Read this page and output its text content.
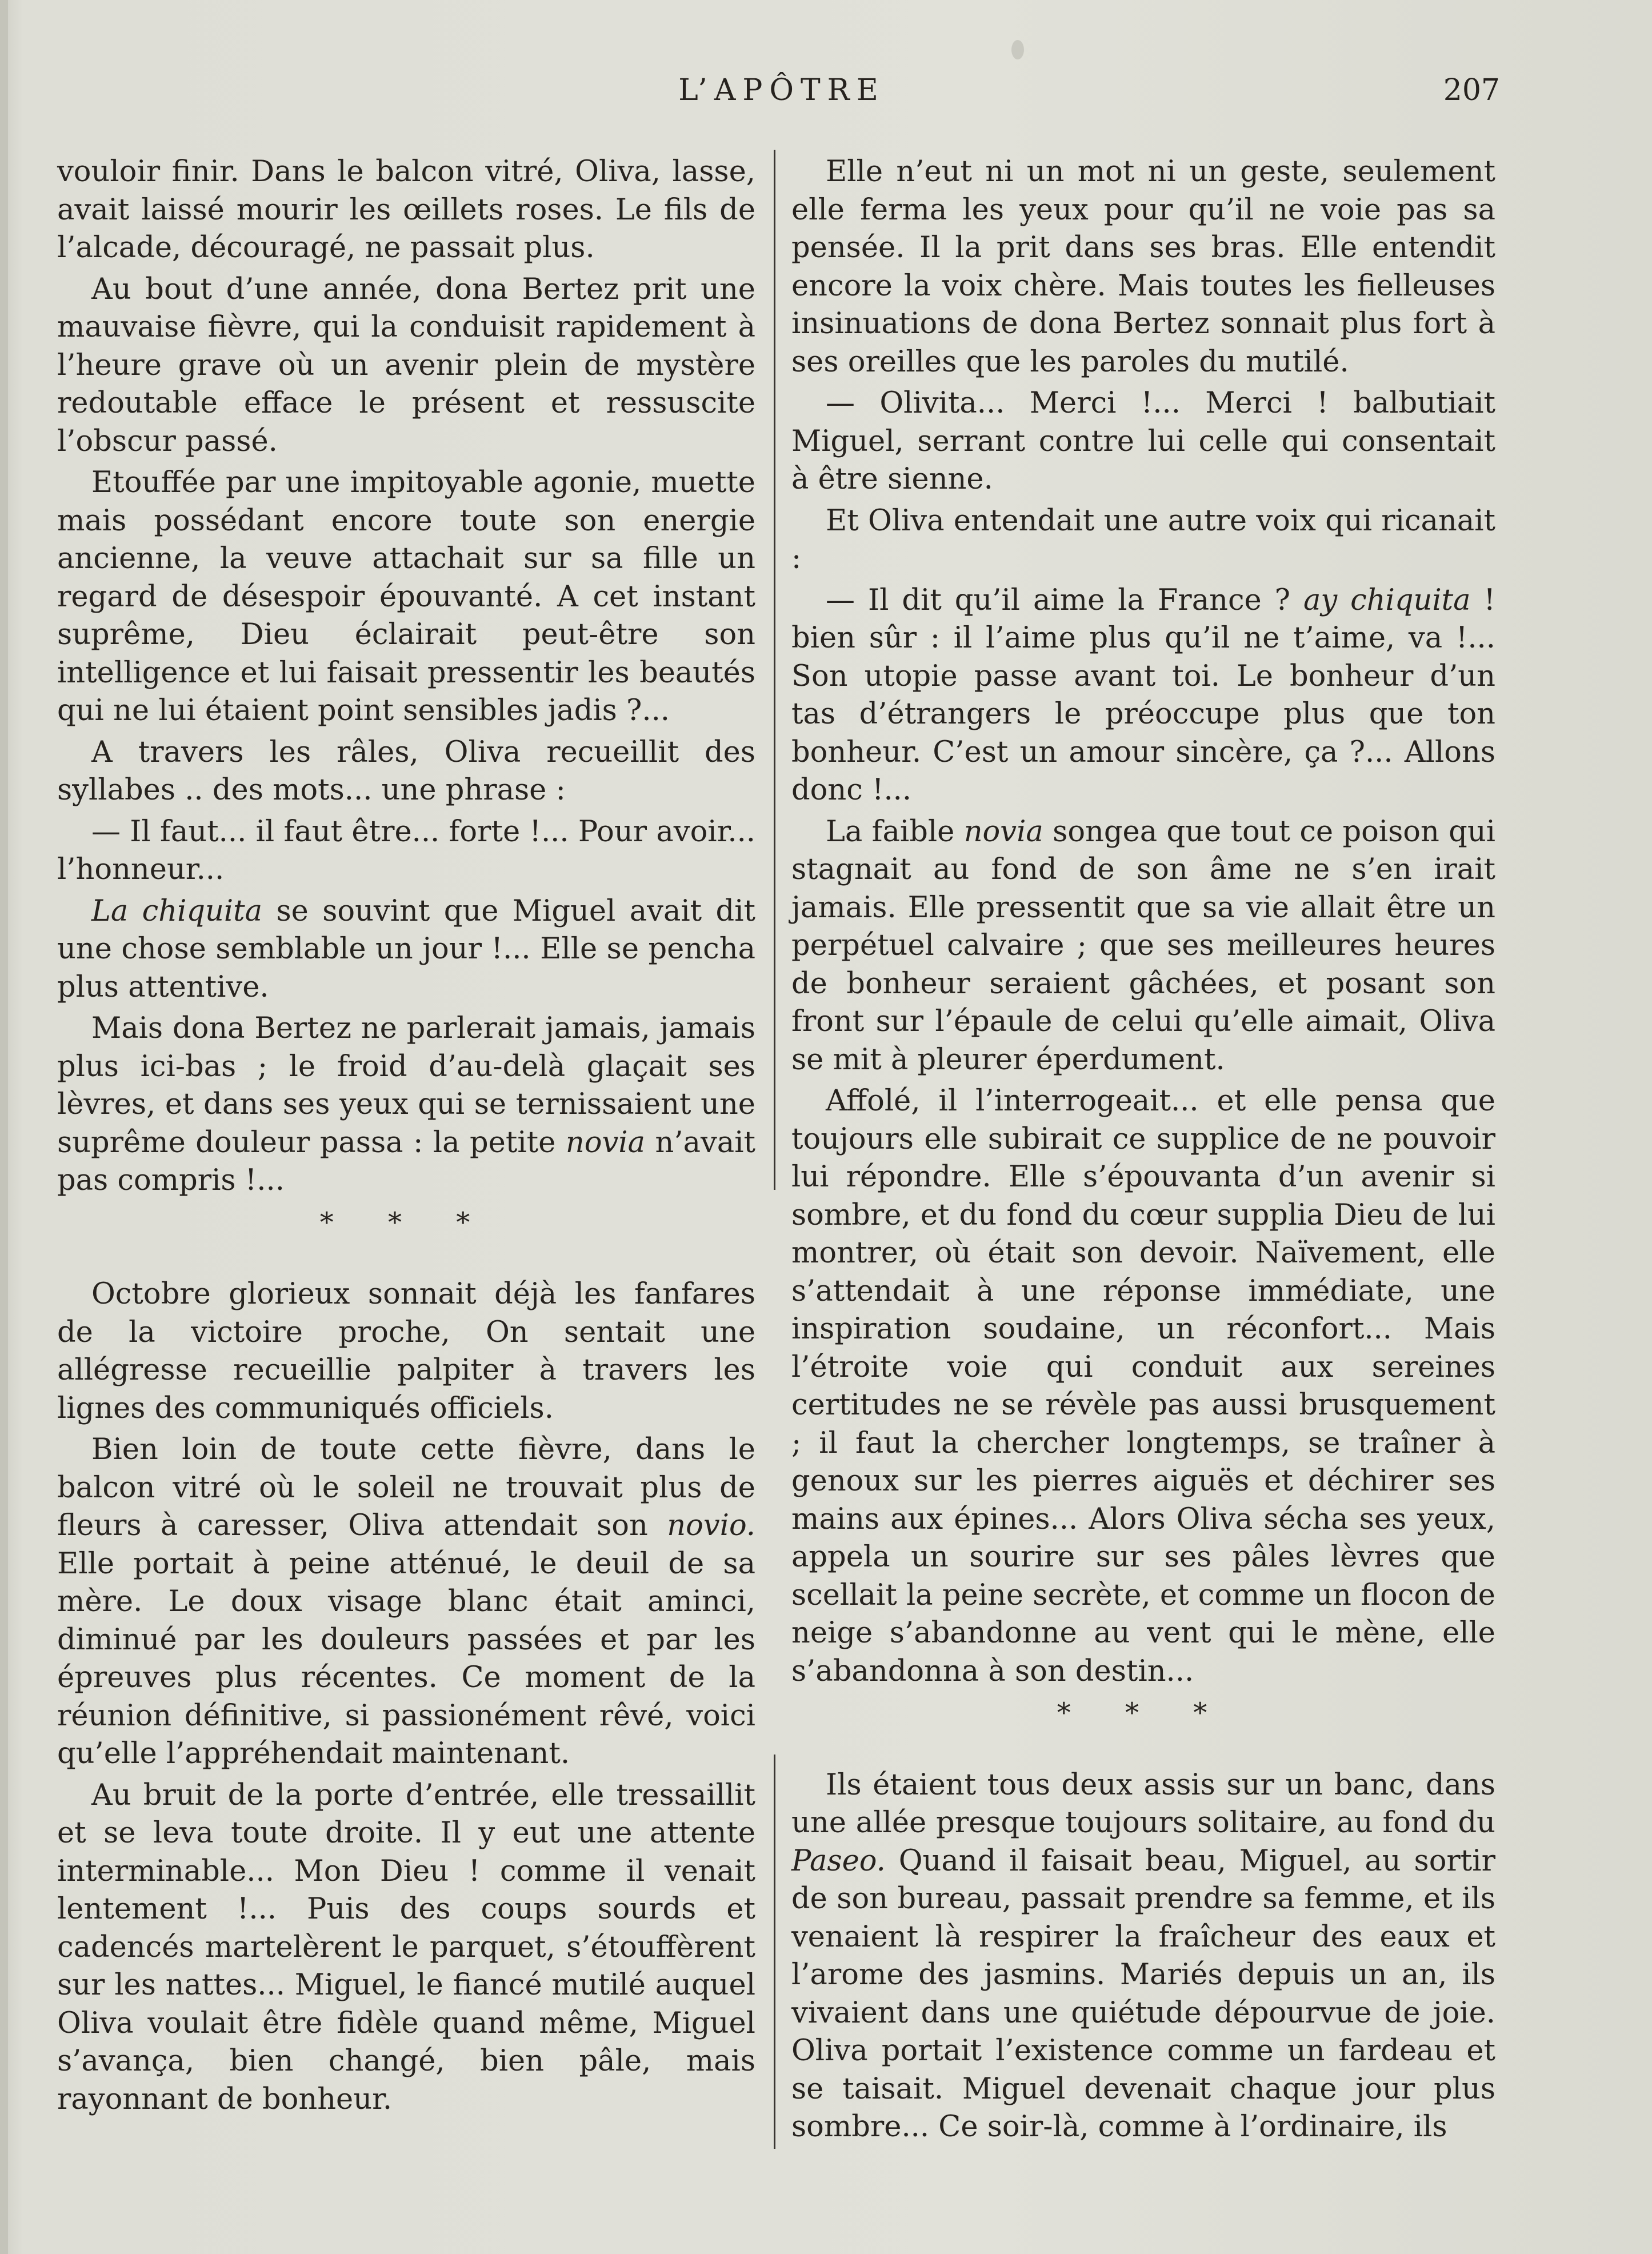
L’APÔTRE	207

vouloir finir. Dans le balcon vitré, Oliva, lasse, avait laissé mourir les œillets roses. Le fils de l’alcade, découragé, ne passait plus.

Au bout d’une année, dona Bertez prit une mauvaise fièvre, qui la conduisit rapidement à l’heure grave où un avenir plein de mystère redoutable efface le présent et ressuscite l’obscur passé.

Etouffée par une impitoyable agonie, muette mais possédant encore toute son energie ancienne, la veuve attachait sur sa fille un regard de désespoir épouvanté. A cet instant suprême, Dieu éclairait peut-être son intelligence et lui faisait pressentir les beautés qui ne lui étaient point sensibles jadis ?...

A travers les râles, Oliva recueillit des syllabes .. des mots... une phrase :

— Il faut... il faut être... forte !... Pour avoir... l’honneur...

La chiquita se souvint que Miguel avait dit une chose semblable un jour !... Elle se pencha plus attentive.

Mais dona Bertez ne parlerait jamais, jamais plus ici-bas ; le froid d’au-delà glaçait ses lèvres, et dans ses yeux qui se ternissaient une suprême douleur passa : la petite novia n’avait pas compris !...

* * *

Octobre glorieux sonnait déjà les fanfares de la victoire proche, On sentait une allégresse recueillie palpiter à travers les lignes des communiqués officiels.

Bien loin de toute cette fièvre, dans le balcon vitré où le soleil ne trouvait plus de fleurs à caresser, Oliva attendait son novio. Elle portait à peine atténué, le deuil de sa mère. Le doux visage blanc était aminci, diminué par les douleurs passées et par les épreuves plus récentes. Ce moment de la réunion définitive, si passionément rêvé, voici qu’elle l’appréhendait maintenant.

Au bruit de la porte d’entrée, elle tressaillit et se leva toute droite. Il y eut une attente interminable... Mon Dieu ! comme il venait lentement !... Puis des coups sourds et cadencés martelèrent le parquet, s’étouffèrent sur les nattes... Miguel, le fiancé mutilé auquel Oliva voulait être fidèle quand même, Miguel s’avança, bien changé, bien pâle, mais rayonnant de bonheur.

Elle n’eut ni un mot ni un geste, seulement elle ferma les yeux pour qu’il ne voie pas sa pensée. Il la prit dans ses bras. Elle entendit encore la voix chère. Mais toutes les fielleuses insinuations de dona Bertez sonnait plus fort à ses oreilles que les paroles du mutilé.

— Olivita... Merci !... Merci ! balbutiait Miguel, serrant contre lui celle qui consentait à être sienne.

Et Oliva entendait une autre voix qui ricanait :

— Il dit qu’il aime la France ? ay chiquita ! bien sûr : il l’aime plus qu’il ne t’aime, va !... Son utopie passe avant toi. Le bonheur d’un tas d’étrangers le préoccupe plus que ton bonheur. C’est un amour sincère, ça ?... Allons donc !...

La faible novia songea que tout ce poison qui stagnait au fond de son âme ne s’en irait jamais. Elle pressentit que sa vie allait être un perpétuel calvaire ; que ses meilleures heures de bonheur seraient gâchées, et posant son front sur l’épaule de celui qu’elle aimait, Oliva se mit à pleurer éperdument.

Affolé, il l’interrogeait... et elle pensa que toujours elle subirait ce supplice de ne pouvoir lui répondre. Elle s’épouvanta d’un avenir si sombre, et du fond du cœur supplia Dieu de lui montrer, où était son devoir. Naïvement, elle s’attendait à une réponse immédiate, une inspiration soudaine, un réconfort... Mais l’étroite voie qui conduit aux sereines certitudes ne se révèle pas aussi brusquement ; il faut la chercher longtemps, se traîner à genoux sur les pierres aiguës et déchirer ses mains aux épines... Alors Oliva sécha ses yeux, appela un sourire sur ses pâles lèvres que scellait la peine secrète, et comme un flocon de neige s’abandonne au vent qui le mène, elle s’abandonna à son destin...

* * *

Ils étaient tous deux assis sur un banc, dans une allée presque toujours solitaire, au fond du Paseo. Quand il faisait beau, Miguel, au sortir de son bureau, passait prendre sa femme, et ils venaient là respirer la fraîcheur des eaux et l’arome des jasmins. Mariés depuis un an, ils vivaient dans une quiétude dépourvue de joie. Oliva portait l’existence comme un fardeau et se taisait. Miguel devenait chaque jour plus sombre... Ce soir-là, comme à l’ordinaire, ils
